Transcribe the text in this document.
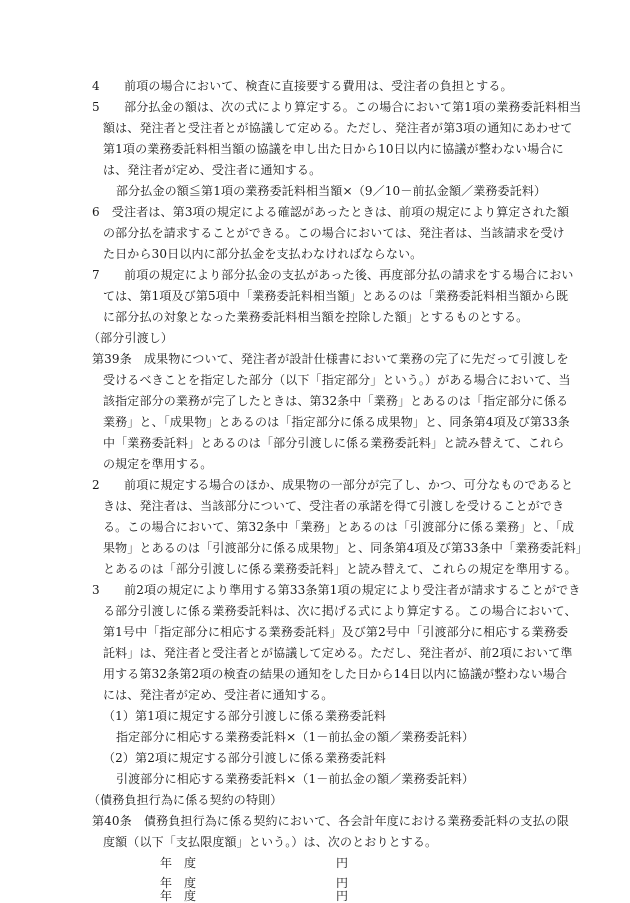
4　　前項の場合において、検査に直接要する費用は、受注者の負担とする。
5　　部分払金の額は、次の式により算定する。この場合において第1項の業務委託料相当
額は、発注者と受注者とが協議して定める。ただし、発注者が第3項の通知にあわせて
第1項の業務委託料相当額の協議を申し出た日から10日以内に協議が整わない場合に
は、発注者が定め、受注者に通知する。
部分払金の額≦第1項の業務委託料相当額×（9／10－前払金額／業務委託料）
6　受注者は、第3項の規定による確認があったときは、前項の規定により算定された額
の部分払を請求することができる。この場合においては、発注者は、当該請求を受け
た日から30日以内に部分払金を支払わなければならない。
7　　前項の規定により部分払金の支払があった後、再度部分払の請求をする場合におい
ては、第1項及び第5項中「業務委託料相当額」とあるのは「業務委託料相当額から既
に部分払の対象となった業務委託料相当額を控除した額」とするものとする。
（部分引渡し）
第39条　成果物について、発注者が設計仕様書において業務の完了に先だって引渡しを
受けるべきことを指定した部分（以下「指定部分」という。）がある場合において、当
該指定部分の業務が完了したときは、第32条中「業務」とあるのは「指定部分に係る
業務」と、「成果物」とあるのは「指定部分に係る成果物」と、同条第4項及び第33条
中「業務委託料」とあるのは「部分引渡しに係る業務委託料」と読み替えて、これら
の規定を準用する。
2　　前項に規定する場合のほか、成果物の一部分が完了し、かつ、可分なものであると
きは、発注者は、当該部分について、受注者の承諾を得て引渡しを受けることができ
る。この場合において、第32条中「業務」とあるのは「引渡部分に係る業務」と、「成
果物」とあるのは「引渡部分に係る成果物」と、同条第4項及び第33条中「業務委託料」
とあるのは「部分引渡しに係る業務委託料」と読み替えて、これらの規定を準用する。
3　　前2項の規定により準用する第33条第1項の規定により受注者が請求することができ
る部分引渡しに係る業務委託料は、次に掲げる式により算定する。この場合において、
第1号中「指定部分に相応する業務委託料」及び第2号中「引渡部分に相応する業務委
託料」は、発注者と受注者とが協議して定める。ただし、発注者が、前2項において準
用する第32条第2項の検査の結果の通知をした日から14日以内に協議が整わない場合
には、発注者が定め、受注者に通知する。
（1）第1項に規定する部分引渡しに係る業務委託料
指定部分に相応する業務委託料×（1－前払金の額／業務委託料）
（2）第2項に規定する部分引渡しに係る業務委託料
引渡部分に相応する業務委託料×（1－前払金の額／業務委託料）
（債務負担行為に係る契約の特則）
第40条　債務負担行為に係る契約において、各会計年度における業務委託料の支払の限
度額（以下「支払限度額」という。）は、次のとおりとする。
年　度	円
年　度	円
年　度	円
